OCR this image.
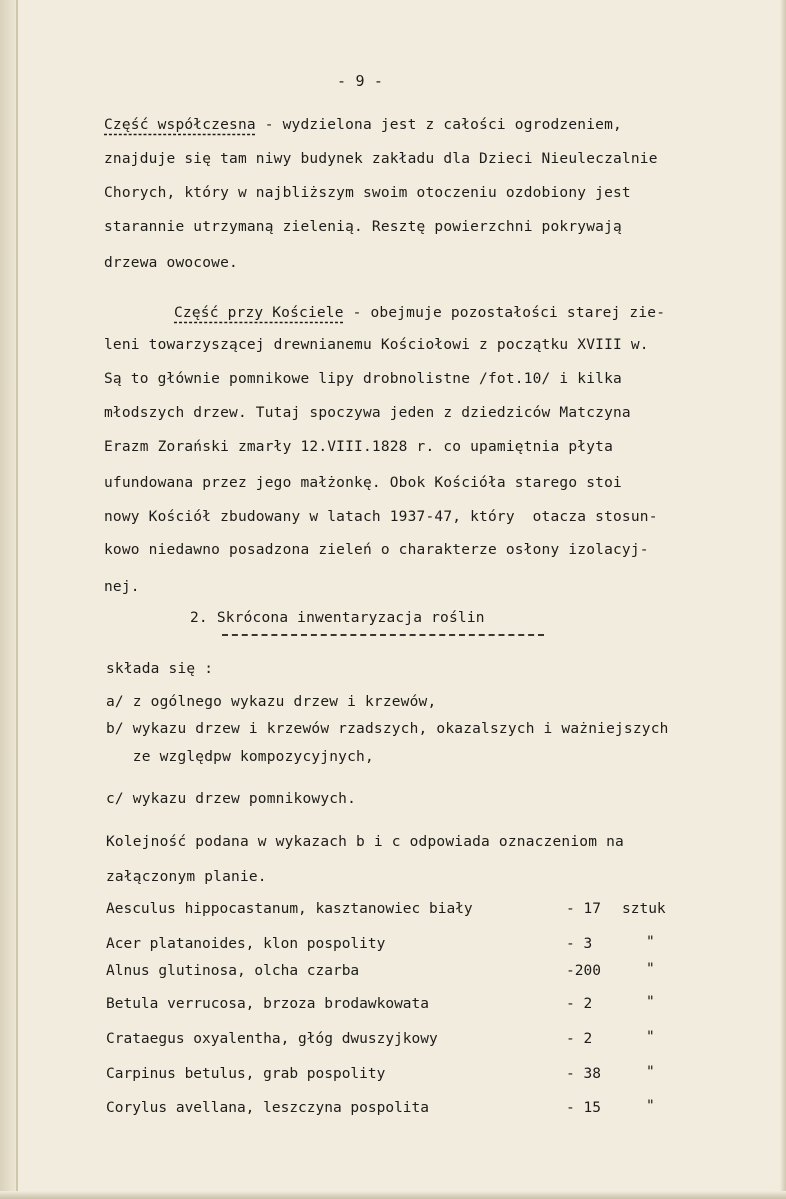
- 9 -
Część współczesna - wydzielona jest z całości ogrodzeniem,
znajduje się tam niwy budynek zakładu dla Dzieci Nieuleczalnie
Chorych, który w najbliższym swoim otoczeniu ozdobiony jest
starannie utrzymaną zielenią. Resztę powierzchni pokrywają
drzewa owocowe.
Część przy Kościele - obejmuje pozostałości starej zie-
leni towarzyszącej drewnianemu Kościołowi z początku XVIII w.
Są to głównie pomnikowe lipy drobnolistne /fot.10/ i kilka
młodszych drzew. Tutaj spoczywa jeden z dziedziców Matczyna
Erazm Zorański zmarły 12.VIII.1828 r. co upamiętnia płyta
ufundowana przez jego małżonkę. Obok Kościóła starego stoi
nowy Kościół zbudowany w latach 1937-47, który  otacza stosun-
kowo niedawno posadzona zieleń o charakterze osłony izolacyj-
nej.
2. Skrócona inwentaryzacja roślin
składa się :
a/ z ogólnego wykazu drzew i krzewów,
b/ wykazu drzew i krzewów rzadszych, okazalszych i ważniejszych
ze względpw kompozycyjnych,
c/ wykazu drzew pomnikowych.
Kolejność podana w wykazach b i c odpowiada oznaczeniom na
załączonym planie.
Aesculus hippocastanum, kasztanowiec biały	- 17 sztuk
Acer platanoides, klon pospolity	- 3	"
Alnus glutinosa, olcha czarba	-200	"
Betula verrucosa, brzoza brodawkowata	- 2	"
Crataegus oxyalentha, głóg dwuszyjkowy	- 2	"
Carpinus betulus, grab pospolity	- 38	"
Corylus avellana, leszczyna pospolita	- 15	"
